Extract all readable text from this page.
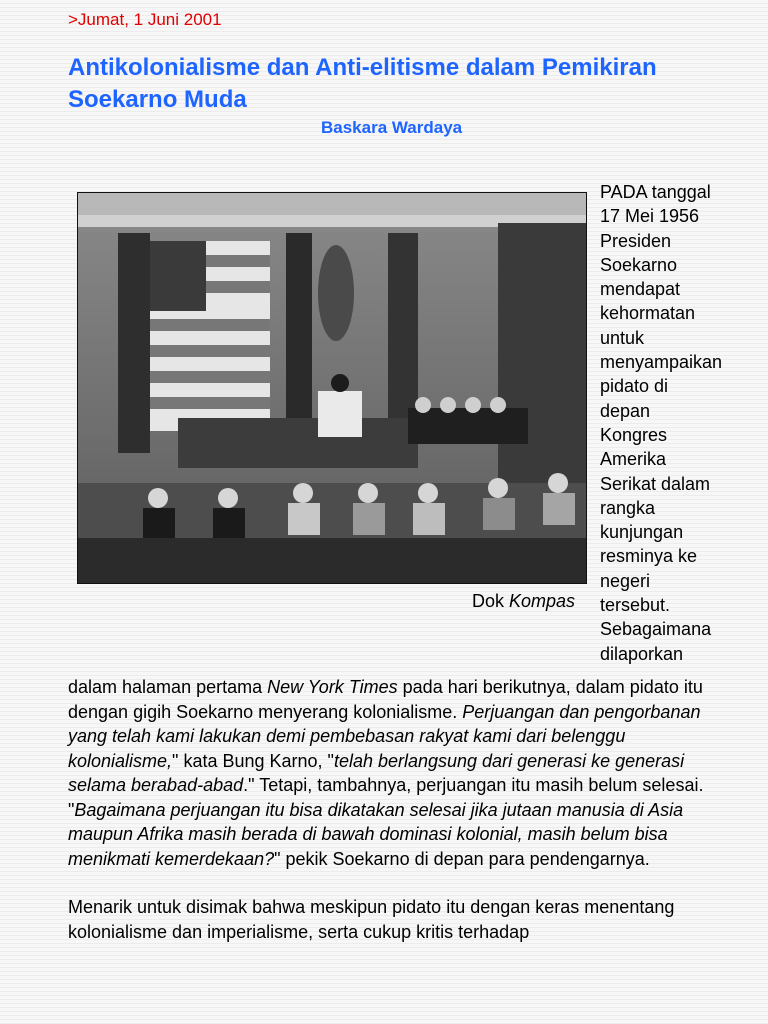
>Jumat, 1 Juni 2001
Antikolonialisme dan Anti-elitisme dalam Pemikiran Soekarno Muda
Baskara Wardaya
Dok Kompas
PADA tanggal
17 Mei 1956
Presiden
Soekarno
mendapat
kehormatan
untuk
menyampaikan
pidato di
depan
Kongres
Amerika
Serikat dalam
rangka
kunjungan
resminya ke
negeri
tersebut.
Sebagaimana
dilaporkan

dalam halaman pertama New York Times pada hari berikutnya, dalam pidato itu dengan gigih Soekarno menyerang kolonialisme. Perjuangan dan pengorbanan yang telah kami lakukan demi pembebasan rakyat kami dari belenggu kolonialisme," kata Bung Karno, "telah berlangsung dari generasi ke generasi selama berabad-abad." Tetapi, tambahnya, perjuangan itu masih belum selesai. "Bagaimana perjuangan itu bisa dikatakan selesai jika jutaan manusia di Asia maupun Afrika masih berada di bawah dominasi kolonial, masih belum bisa menikmati kemerdekaan?" pekik Soekarno di depan para pendengarnya.

Menarik untuk disimak bahwa meskipun pidato itu dengan keras menentang kolonialisme dan imperialisme, serta cukup kritis terhadap
